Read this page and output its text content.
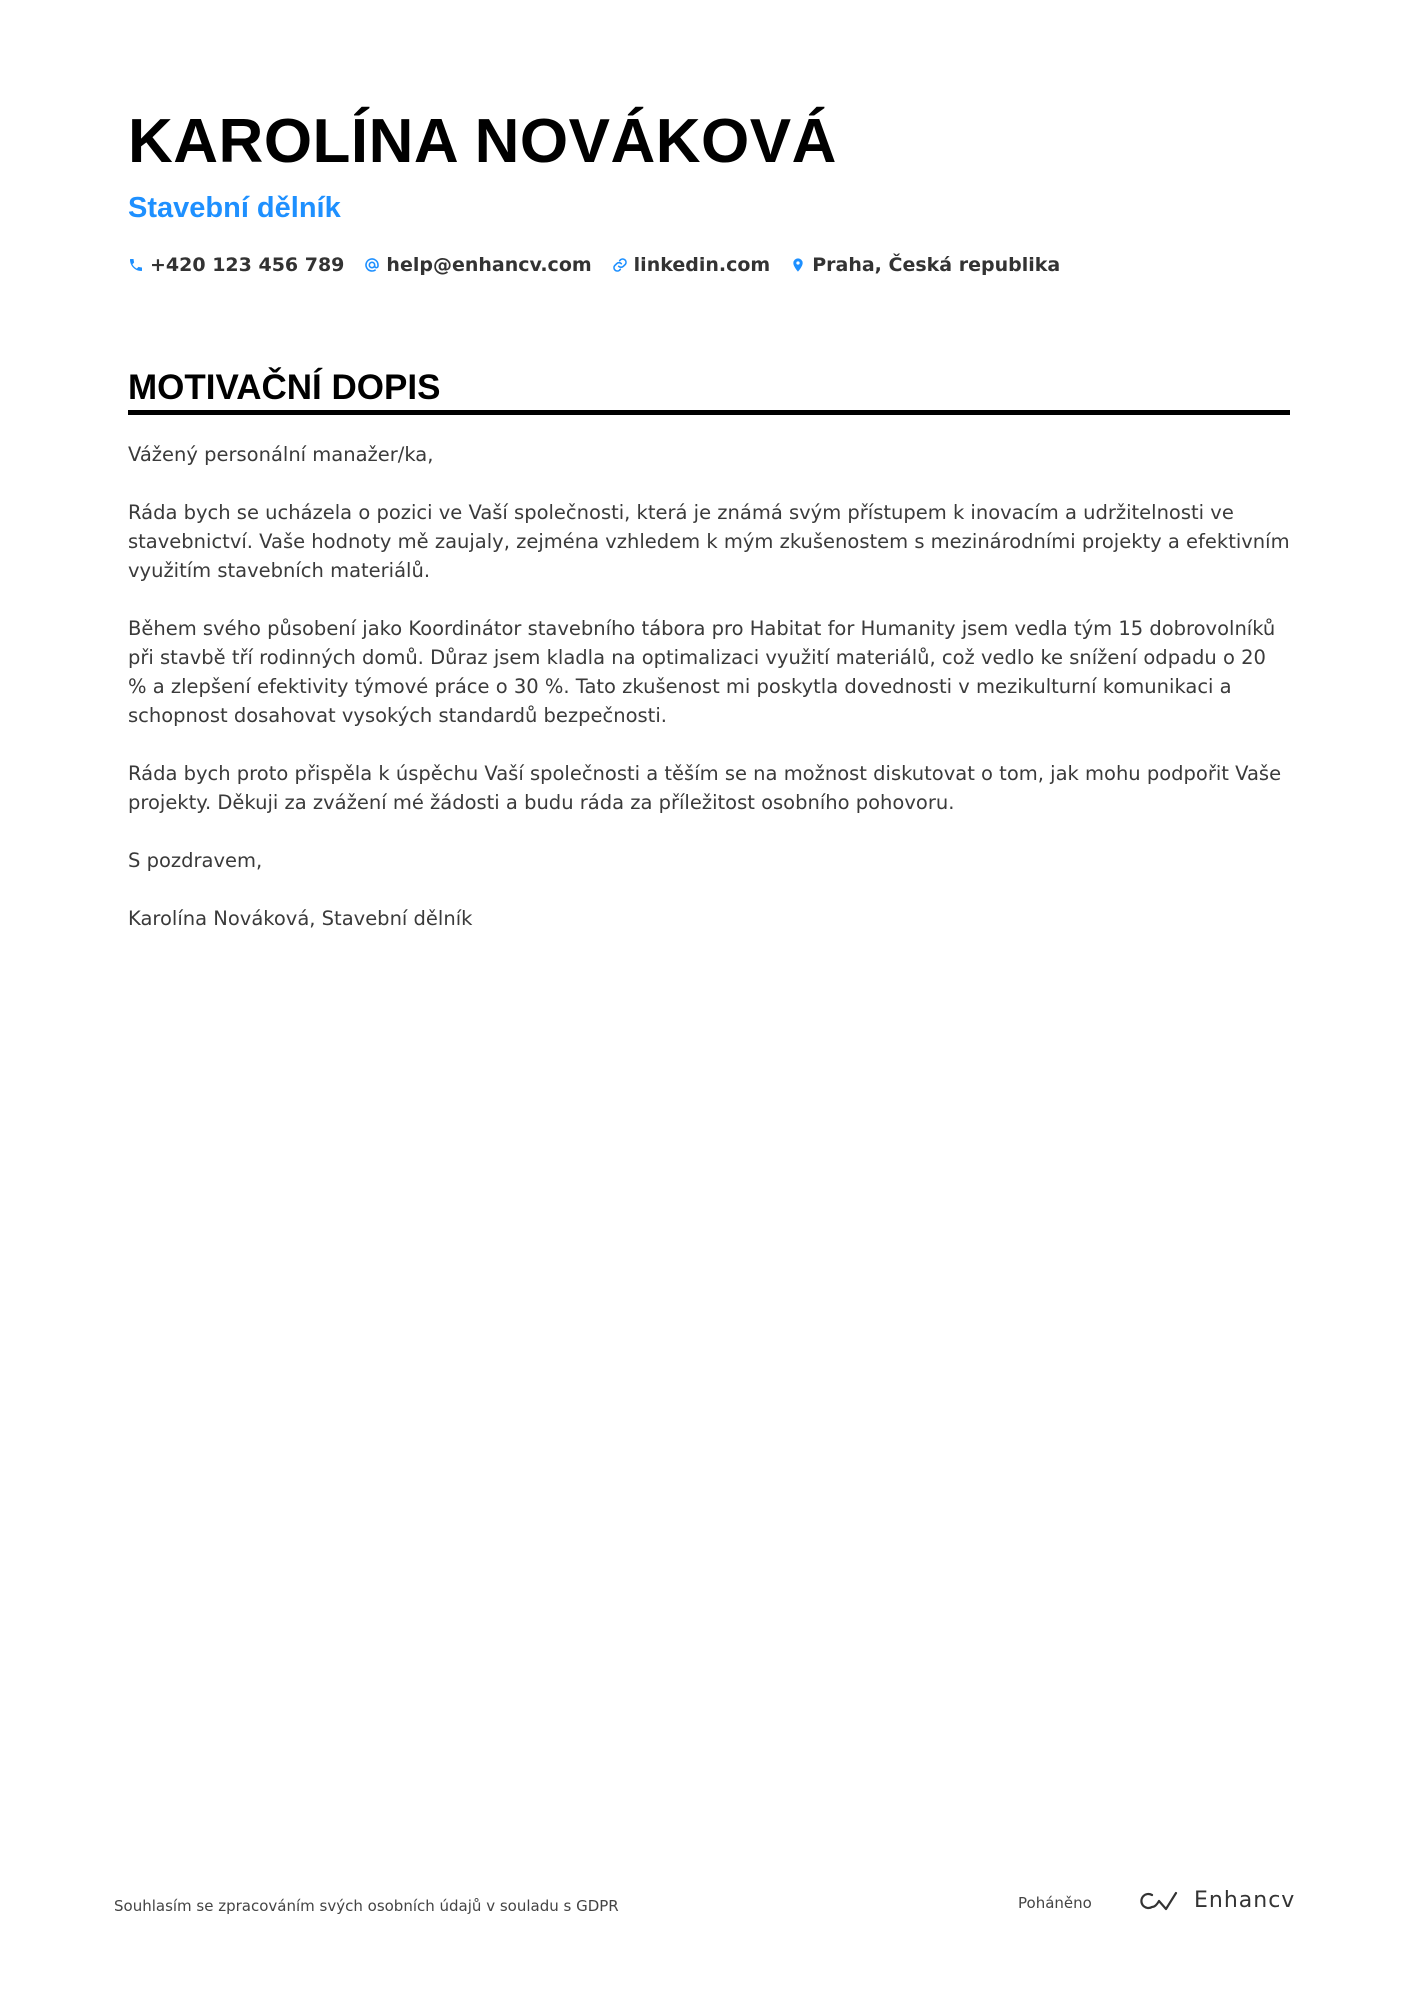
KAROLÍNA NOVÁKOVÁ
Stavební dělník
+420 123 456 789 help@enhancv.com linkedin.com Praha, Česká republika
MOTIVAČNÍ DOPIS

Vážený personální manažer/ka,

Ráda bych se ucházela o pozici ve Vaší společnosti, která je známá svým přístupem k inovacím a udržitelnosti ve stavebnictví. Vaše hodnoty mě zaujaly, zejména vzhledem k mým zkušenostem s mezinárodními projekty a efektivním využitím stavebních materiálů.

Během svého působení jako Koordinátor stavebního tábora pro Habitat for Humanity jsem vedla tým 15 dobrovolníků při stavbě tří rodinných domů. Důraz jsem kladla na optimalizaci využití materiálů, což vedlo ke snížení odpadu o 20 % a zlepšení efektivity týmové práce o 30 %. Tato zkušenost mi poskytla dovednosti v mezikulturní komunikaci a schopnost dosahovat vysokých standardů bezpečnosti.

Ráda bych proto přispěla k úspěchu Vaší společnosti a těším se na možnost diskutovat o tom, jak mohu podpořit Vaše projekty. Děkuji za zvážení mé žádosti a budu ráda za příležitost osobního pohovoru.

S pozdravem,

Karolína Nováková, Stavební dělník

Souhlasím se zpracováním svých osobních údajů v souladu s GDPR	Poháněno	Enhancv
